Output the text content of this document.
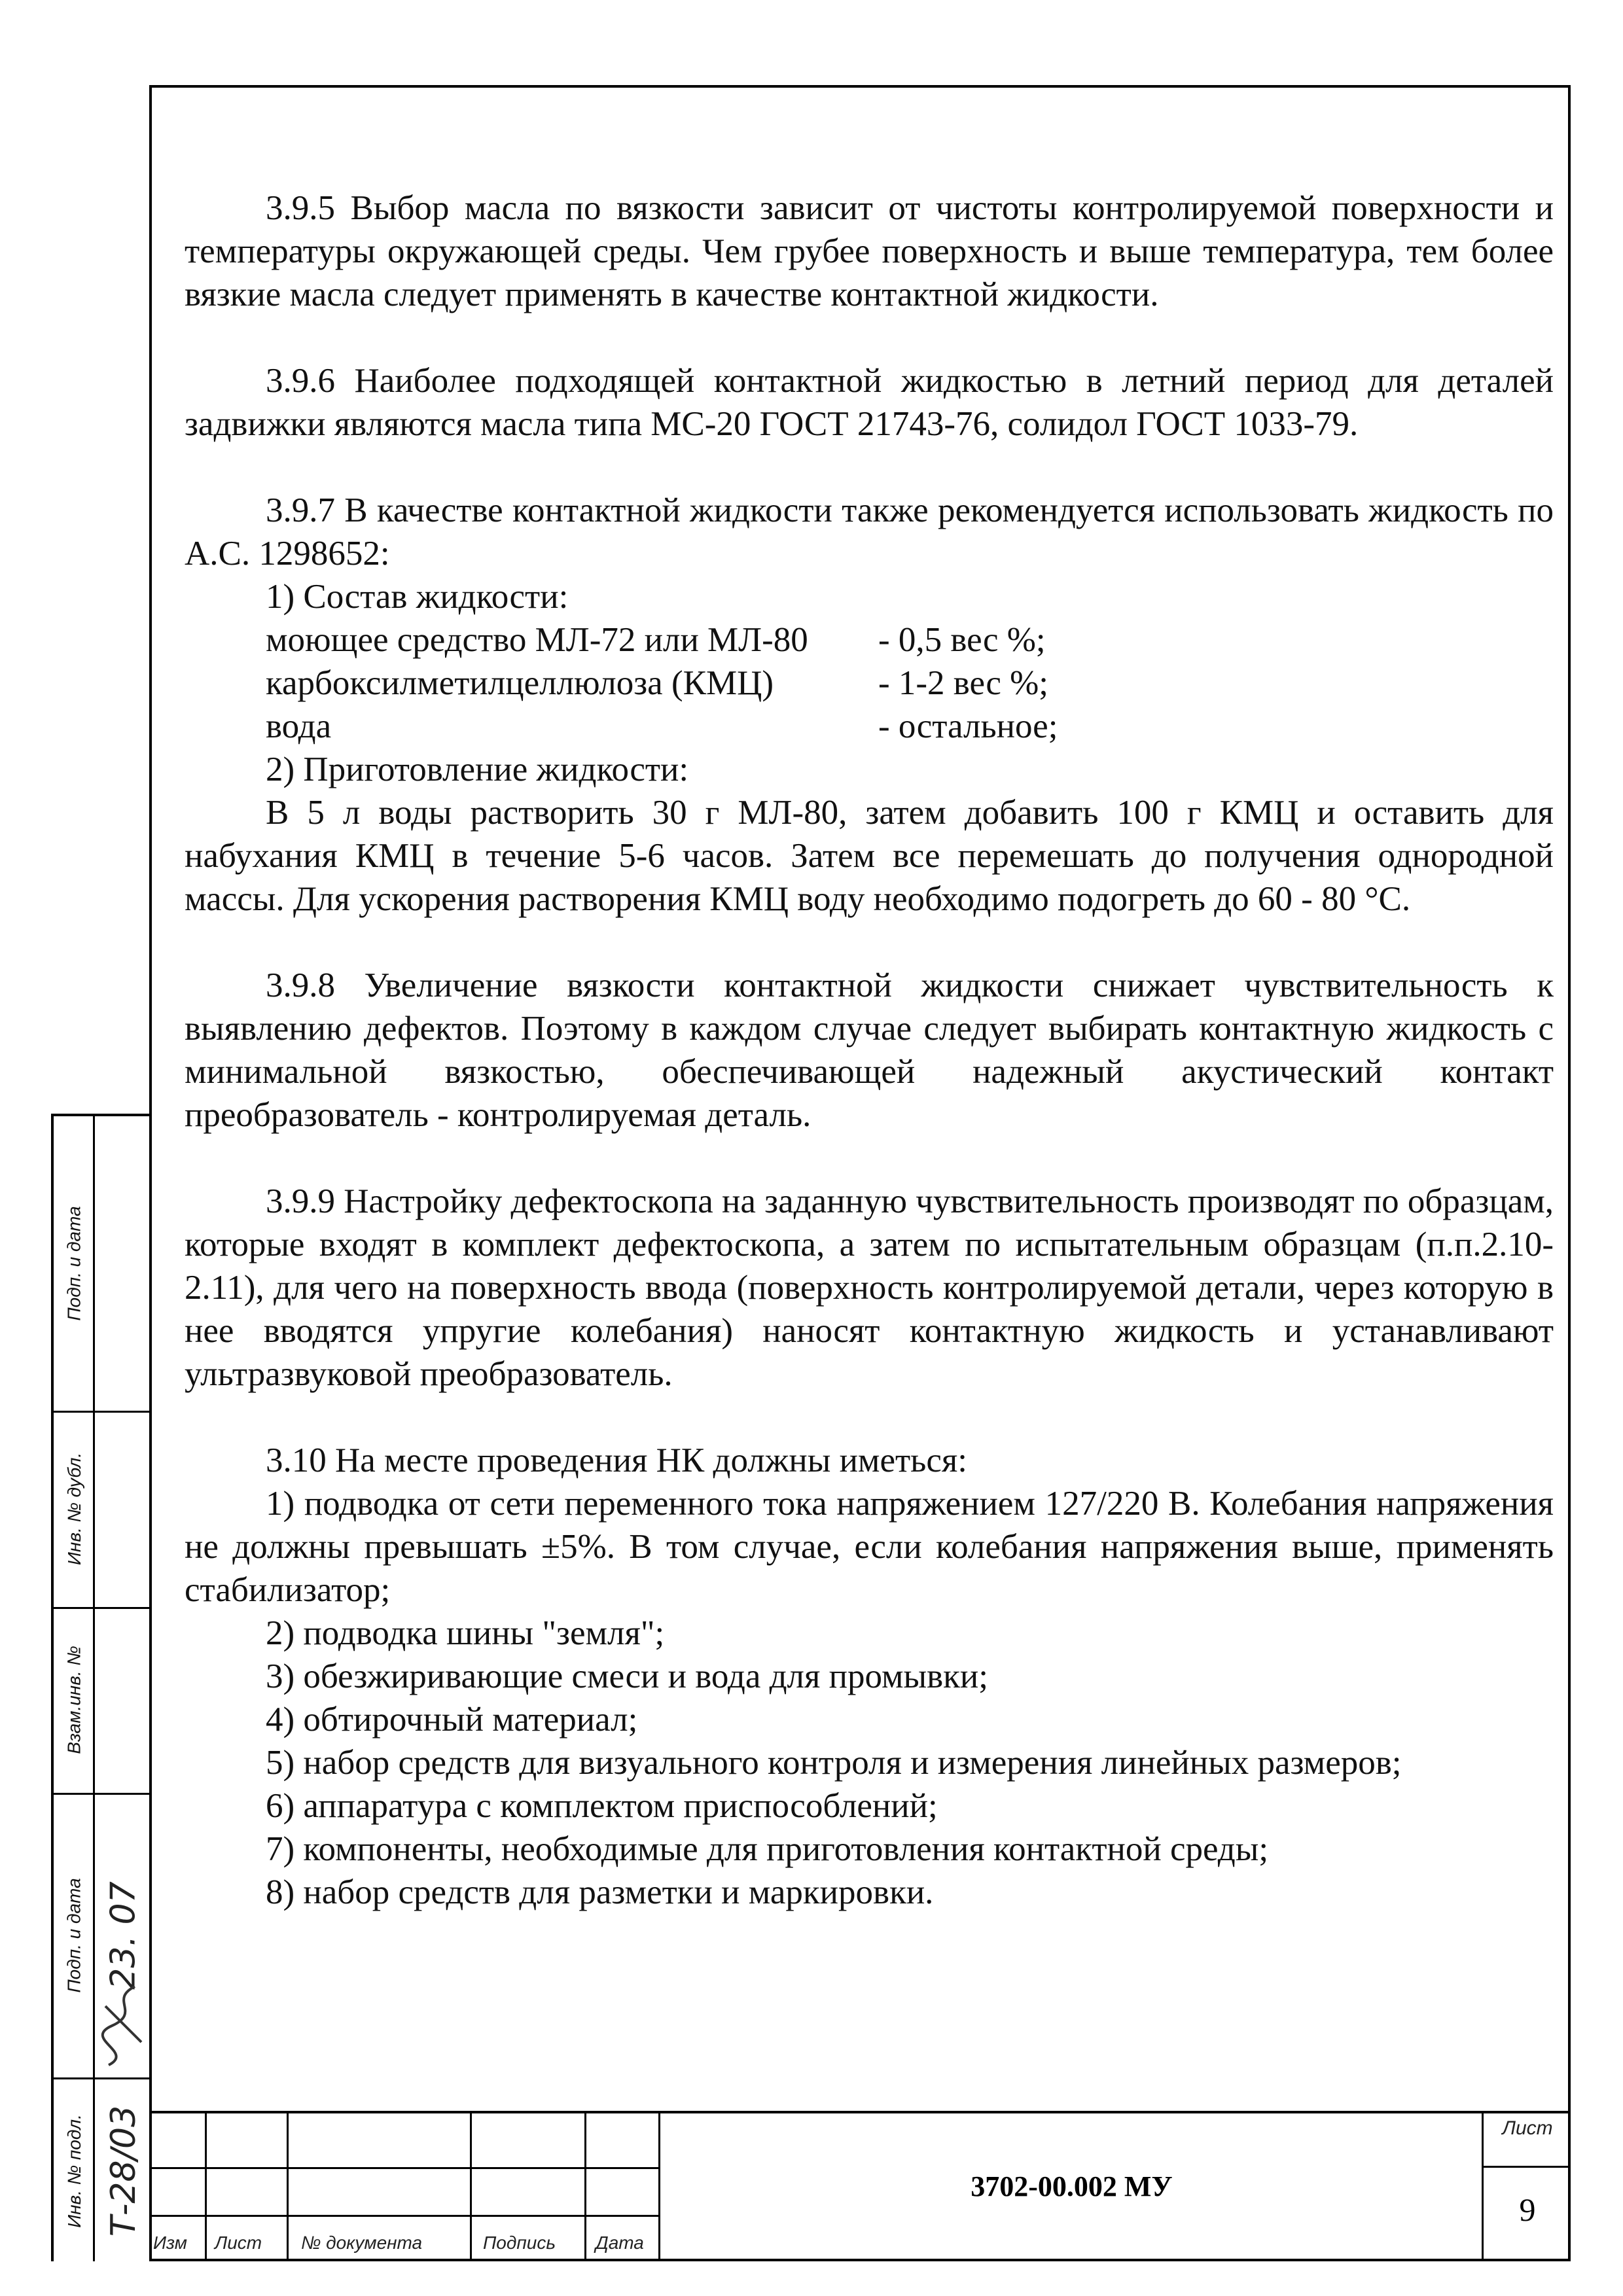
3.9.5 Выбор масла по вязкости зависит от чистоты контролируемой поверхности и температуры окружающей среды. Чем грубее поверхность и выше температура, тем более вязкие масла следует применять в качестве контактной жидкости.

3.9.6 Наиболее подходящей контактной жидкостью в летний период для деталей задвижки являются масла типа МС-20 ГОСТ 21743-76, солидол ГОСТ 1033-79.

3.9.7 В качестве контактной жидкости также рекомендуется использовать жидкость по А.С. 1298652:

1) Состав жидкости:

моющее средство МЛ-72 или МЛ-80	- 0,5 вес %;
карбоксилметилцеллюлоза (КМЦ)	- 1-2 вес %;
вода	- остальное;

2) Приготовление жидкости:

В 5 л воды растворить 30 г МЛ-80, затем добавить 100 г КМЦ и оставить для набухания КМЦ в течение 5-6 часов. Затем все перемешать до получения однородной массы. Для ускорения растворения КМЦ воду необходимо подогреть до 60 - 80 °С.

3.9.8 Увеличение вязкости контактной жидкости снижает чувствительность к выявлению дефектов. Поэтому в каждом случае следует выбирать контактную жидкость с минимальной вязкостью, обеспечивающей надежный акустический контакт преобразователь - контролируемая деталь.

3.9.9 Настройку дефектоскопа на заданную чувствительность производят по образцам, которые входят в комплект дефектоскопа, а затем по испытательным образцам (п.п.2.10-2.11), для чего на поверхность ввода (поверхность контролируемой детали, через которую в нее вводятся упругие колебания) наносят контактную жидкость и устанавливают ультразвуковой преобразователь.

3.10 На месте проведения НК должны иметься:

1) подводка от сети переменного тока напряжением 127/220 В. Колебания напряжения не должны превышать ±5%. В том случае, если колебания напряжения выше, применять стабилизатор;

2) подводка шины "земля";

3) обезжиривающие смеси и вода для промывки;

4) обтирочный материал;

5) набор средств для визуального контроля и измерения линейных размеров;

6) аппаратура с комплектом приспособлений;

7) компоненты, необходимые для приготовления контактной среды;

8) набор средств для разметки и маркировки.

Подп. и дата
Инв. № дубл.
Взам.инв. №
Подп. и дата
Инв. № подл.
23. 07
Т-28/03
Изм Лист № документа	Подпись Дата
3702-00.002 МУ
Лист
9
